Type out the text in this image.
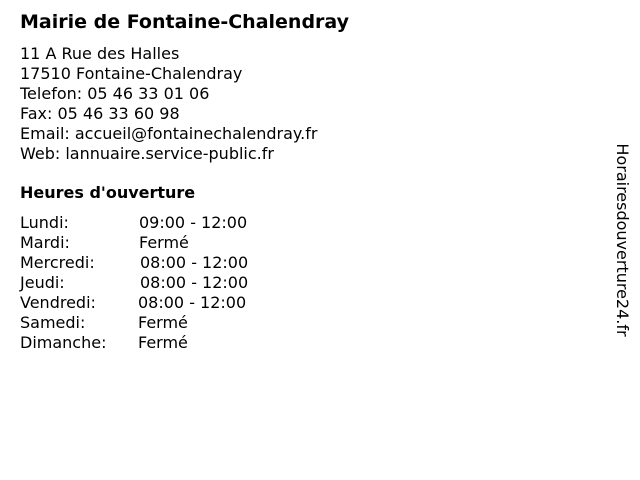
Mairie de Fontaine-Chalendray
11 A Rue des Halles
17510 Fontaine-Chalendray
Telefon: 05 46 33 01 06
Fax: 05 46 33 60 98
Email: accueil@fontainechalendray.fr
Web: lannuaire.service-public.fr
Heures d'ouverture
Lundi:	09:00 - 12:00
Mardi:	Fermé
Mercredi:	08:00 - 12:00
Jeudi:	08:00 - 12:00
Vendredi:	08:00 - 12:00
Samedi:	Fermé
Dimanche: Fermé
Horairesdouverture24.fr
